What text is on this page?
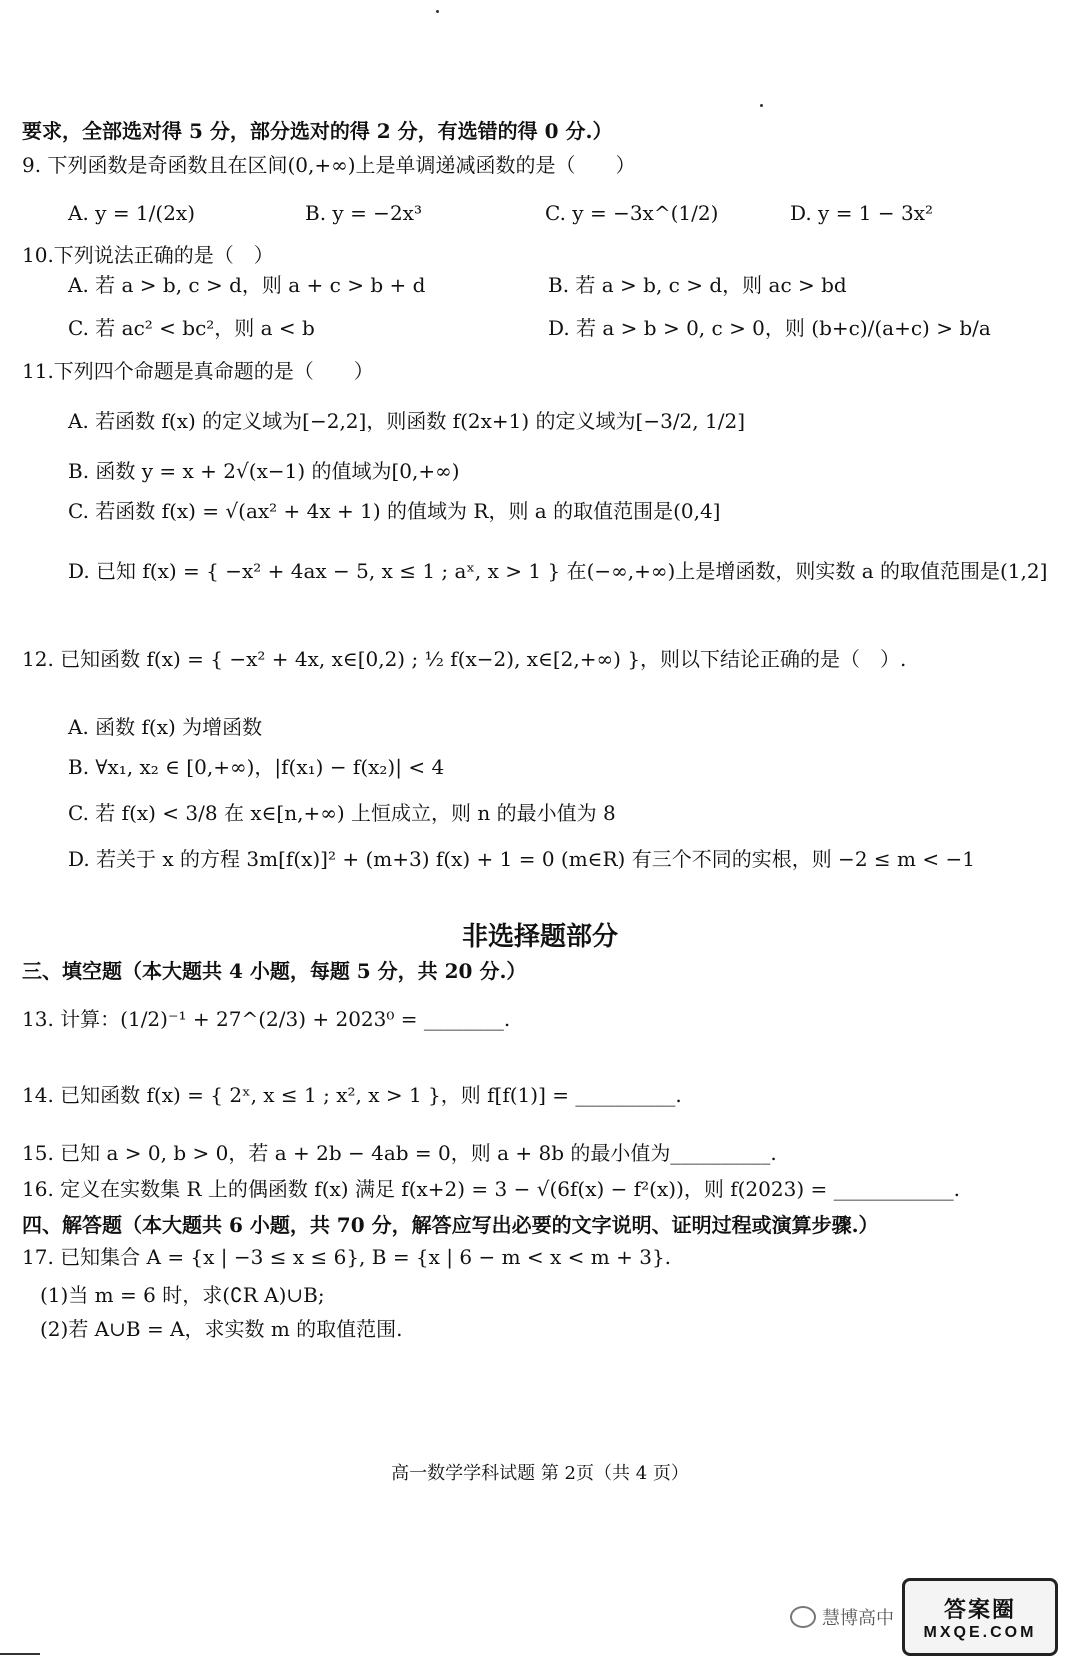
要求，全部选对得 5 分，部分选对的得 2 分，有选错的得 0 分.）
9. 下列函数是奇函数且在区间(0,+∞)上是单调递减函数的是（　　）
A. y = 1/(2x)	B. y = −2x³	C. y = −3x^(1/2)	D. y = 1 − 3x²
10.下列说法正确的是（　）
A. 若 a > b, c > d，则 a + c > b + d	B. 若 a > b, c > d，则 ac > bd
C. 若 ac² < bc²，则 a < b	D. 若 a > b > 0, c > 0，则 (b+c)/(a+c) > b/a
11.下列四个命题是真命题的是（　　）
A. 若函数 f(x) 的定义域为[−2,2]，则函数 f(2x+1) 的定义域为[−3/2, 1/2]
B. 函数 y = x + 2√(x−1) 的值域为[0,+∞)
C. 若函数 f(x) = √(ax² + 4x + 1) 的值域为 R，则 a 的取值范围是(0,4]
D. 已知 f(x) = { −x² + 4ax − 5, x ≤ 1 ; aˣ, x > 1 } 在(−∞,+∞)上是增函数，则实数 a 的取值范围是(1,2]
12. 已知函数 f(x) = { −x² + 4x, x∈[0,2) ; ½ f(x−2), x∈[2,+∞) }，则以下结论正确的是（　）.
A. 函数 f(x) 为增函数
B. ∀x₁, x₂ ∈ [0,+∞)，|f(x₁) − f(x₂)| < 4
C. 若 f(x) < 3/8 在 x∈[n,+∞) 上恒成立，则 n 的最小值为 8
D. 若关于 x 的方程 3m[f(x)]² + (m+3) f(x) + 1 = 0 (m∈R) 有三个不同的实根，则 −2 ≤ m < −1
非选择题部分
三、填空题（本大题共 4 小题，每题 5 分，共 20 分.）
13. 计算：(1/2)⁻¹ + 27^(2/3) + 2023⁰ = ________.
14. 已知函数 f(x) = { 2ˣ, x ≤ 1 ; x², x > 1 }，则 f[f(1)] = __________.
15. 已知 a > 0, b > 0，若 a + 2b − 4ab = 0，则 a + 8b 的最小值为__________.
16. 定义在实数集 R 上的偶函数 f(x) 满足 f(x+2) = 3 − √(6f(x) − f²(x))，则 f(2023) = ____________.
四、解答题（本大题共 6 小题，共 70 分，解答应写出必要的文字说明、证明过程或演算步骤.）
17. 已知集合 A = {x | −3 ≤ x ≤ 6}, B = {x | 6 − m < x < m + 3}.
(1)当 m = 6 时，求(∁R A)∪B;
(2)若 A∪B = A，求实数 m 的取值范围.
高一数学学科试题 第 2页（共 4 页）
慧博高中 答案圈
MXQE.COM
